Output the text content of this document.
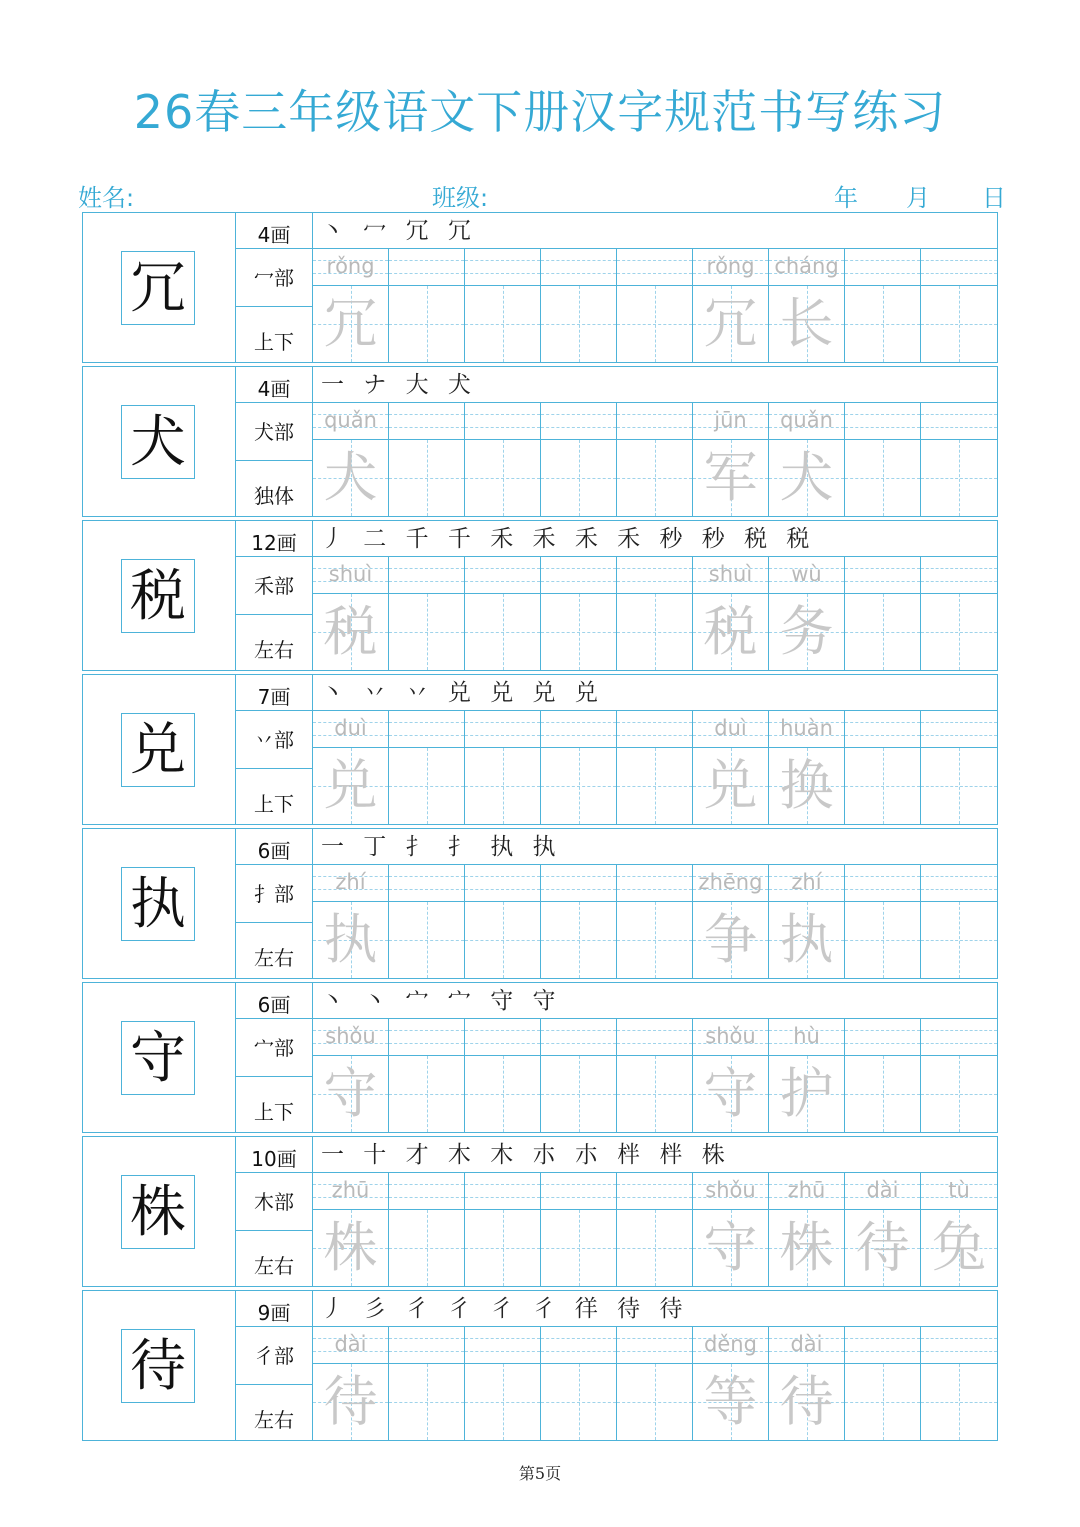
26春三年级语文下册汉字规范书写练习
姓名:	班级:	年 月 日
冗
4画
冖部
上下
丶 冖 冗 冗
rǒng
冗
rǒng
冗
cháng
长
犬
4画
犬部
独体
一 ナ 大 犬
quǎn
犬
jūn
军
quǎn
犬
税
12画
禾部
左右
丿 二 千 千 禾 禾 禾 禾 秒 秒 税 税
shuì
税
shuì
税
wù
务
兑
7画
丷部
上下
丶 丷 丷 兑 兑 兑 兑
duì
兑
duì
兑
huàn
换
执
6画
扌部
左右
一 丁 扌 扌 执 执
zhí
执
zhēng
争
zhí
执
守
6画
宀部
上下
丶 丶 宀 宀 守 守
shǒu
守
shǒu
守
hù
护
株
10画
木部
左右
一 十 才 木 木 朩 朩 柈 柈 株
zhū
株
shǒu
守
zhū
株
dài
待
tù
兔
待
9画
彳部
左右
丿 彡 彳 彳 彳 彳 徉 待 待
dài
待
děng
等
dài
待
第5页
